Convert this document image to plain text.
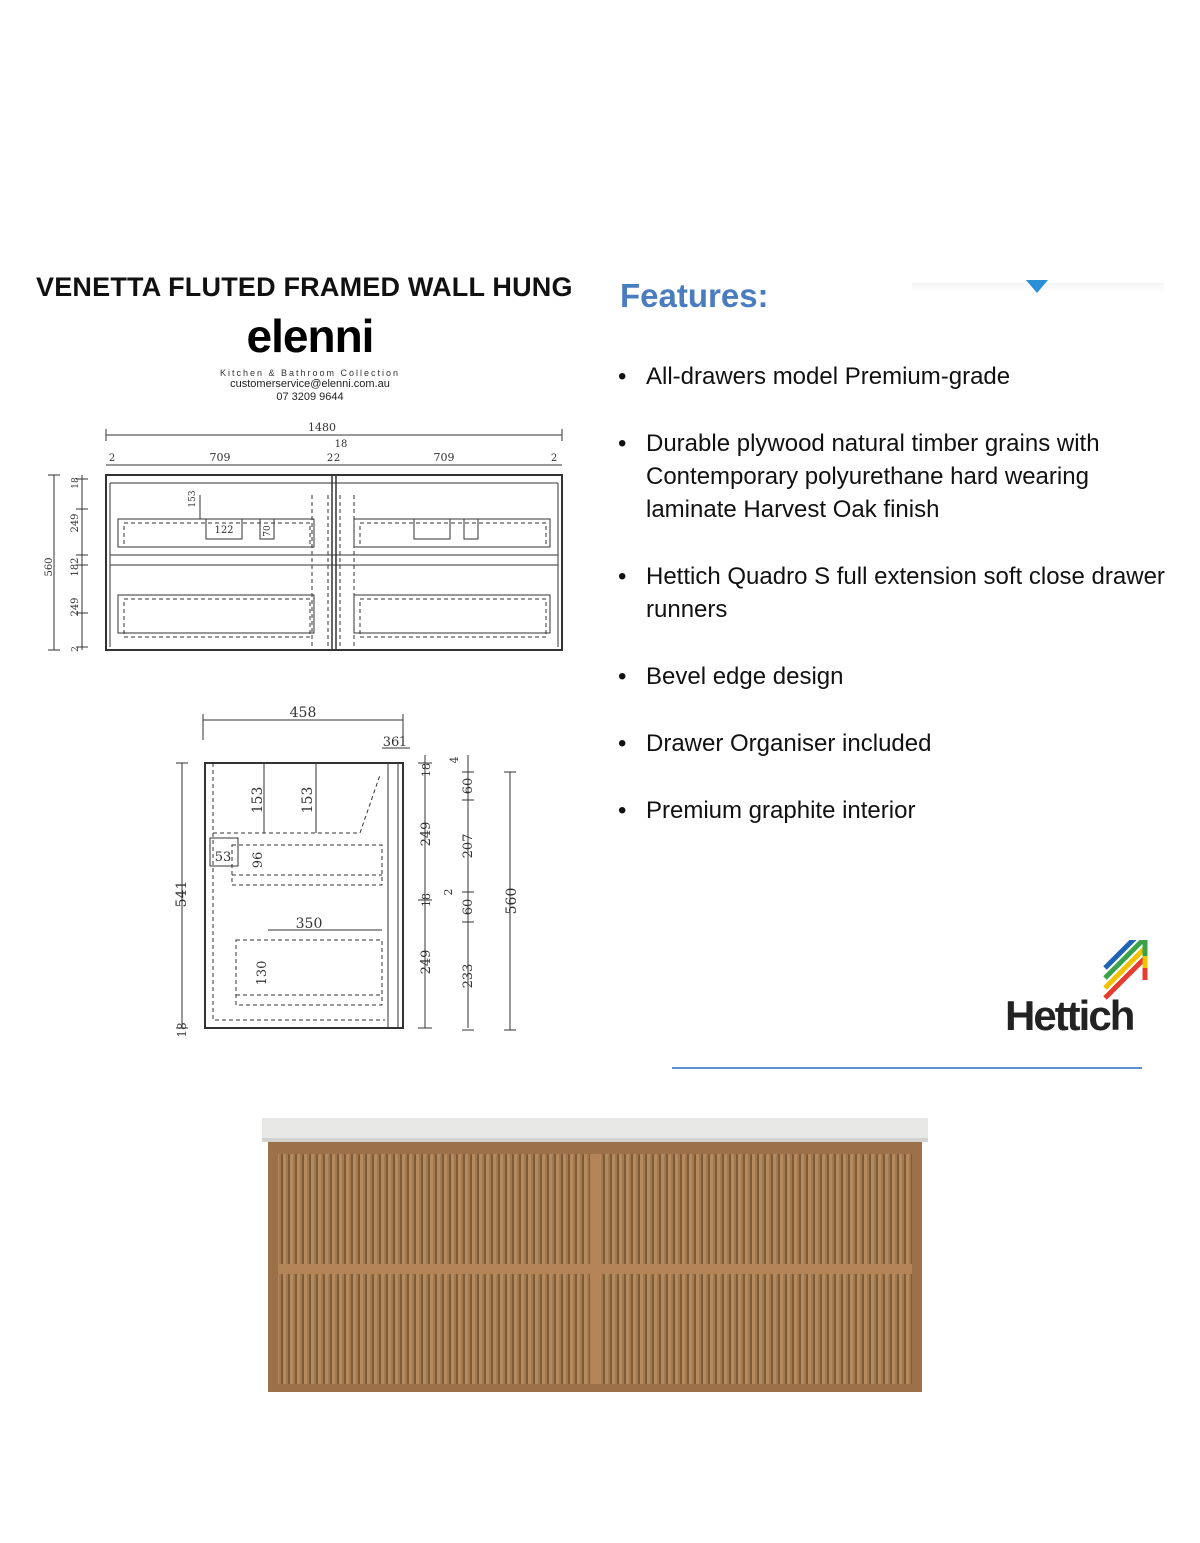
VENETTA FLUTED FRAMED WALL HUNG Features:
elenni
Kitchen & Bathroom Collection
customerservice@elenni.com.au
07 3209 9644
• All-drawers model Premium-grade
• Durable plywood natural timber grains with Contemporary polyurethane hard wearing laminate Harvest Oak finish
• Hettich Quadro S full extension soft close drawer runners
• Bevel edge design
• Drawer Organiser included
• Premium graphite interior
1480
18
2	709	2 2	709	2
560
18
249
182
249
2
153
122	70
458
36 1
541
18
153 153
53 96
350
130
249
249
18
18
2
4
60
207
60
233
560
Hettich
